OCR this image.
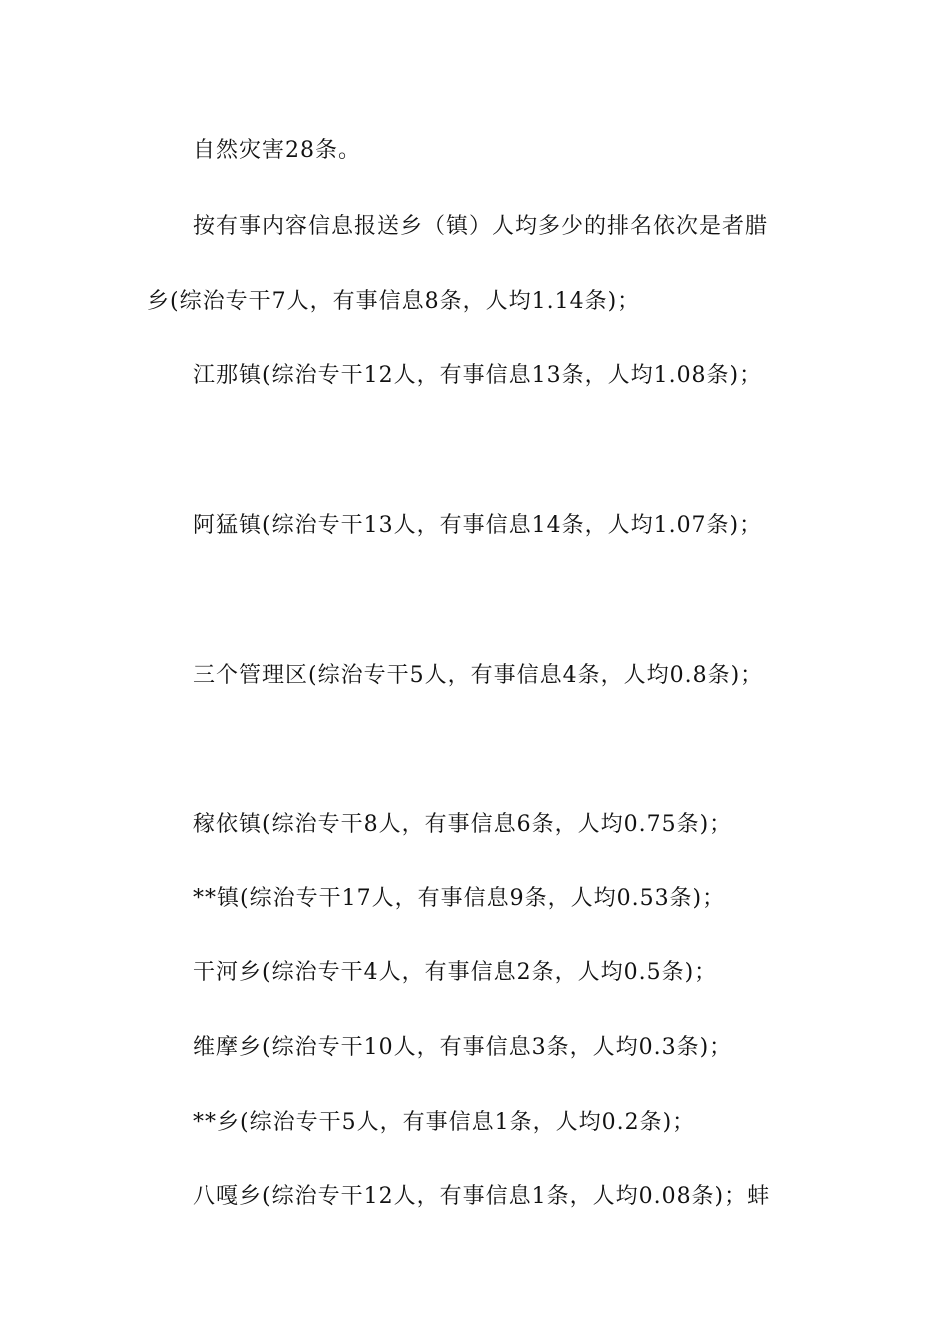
自然灾害28条。
按有事内容信息报送乡（镇）人均多少的排名依次是者腊
乡(综治专干7人，有事信息8条，人均1.14条)；
江那镇(综治专干12人，有事信息13条，人均1.08条)；
阿猛镇(综治专干13人，有事信息14条，人均1.07条)；
三个管理区(综治专干5人，有事信息4条，人均0.8条)；
稼依镇(综治专干8人，有事信息6条，人均0.75条)；
**镇(综治专干17人，有事信息9条，人均0.53条)；
干河乡(综治专干4人，有事信息2条，人均0.5条)；
维摩乡(综治专干10人，有事信息3条，人均0.3条)；
**乡(综治专干5人，有事信息1条，人均0.2条)；
八嘎乡(综治专干12人，有事信息1条，人均0.08条)；蚌
